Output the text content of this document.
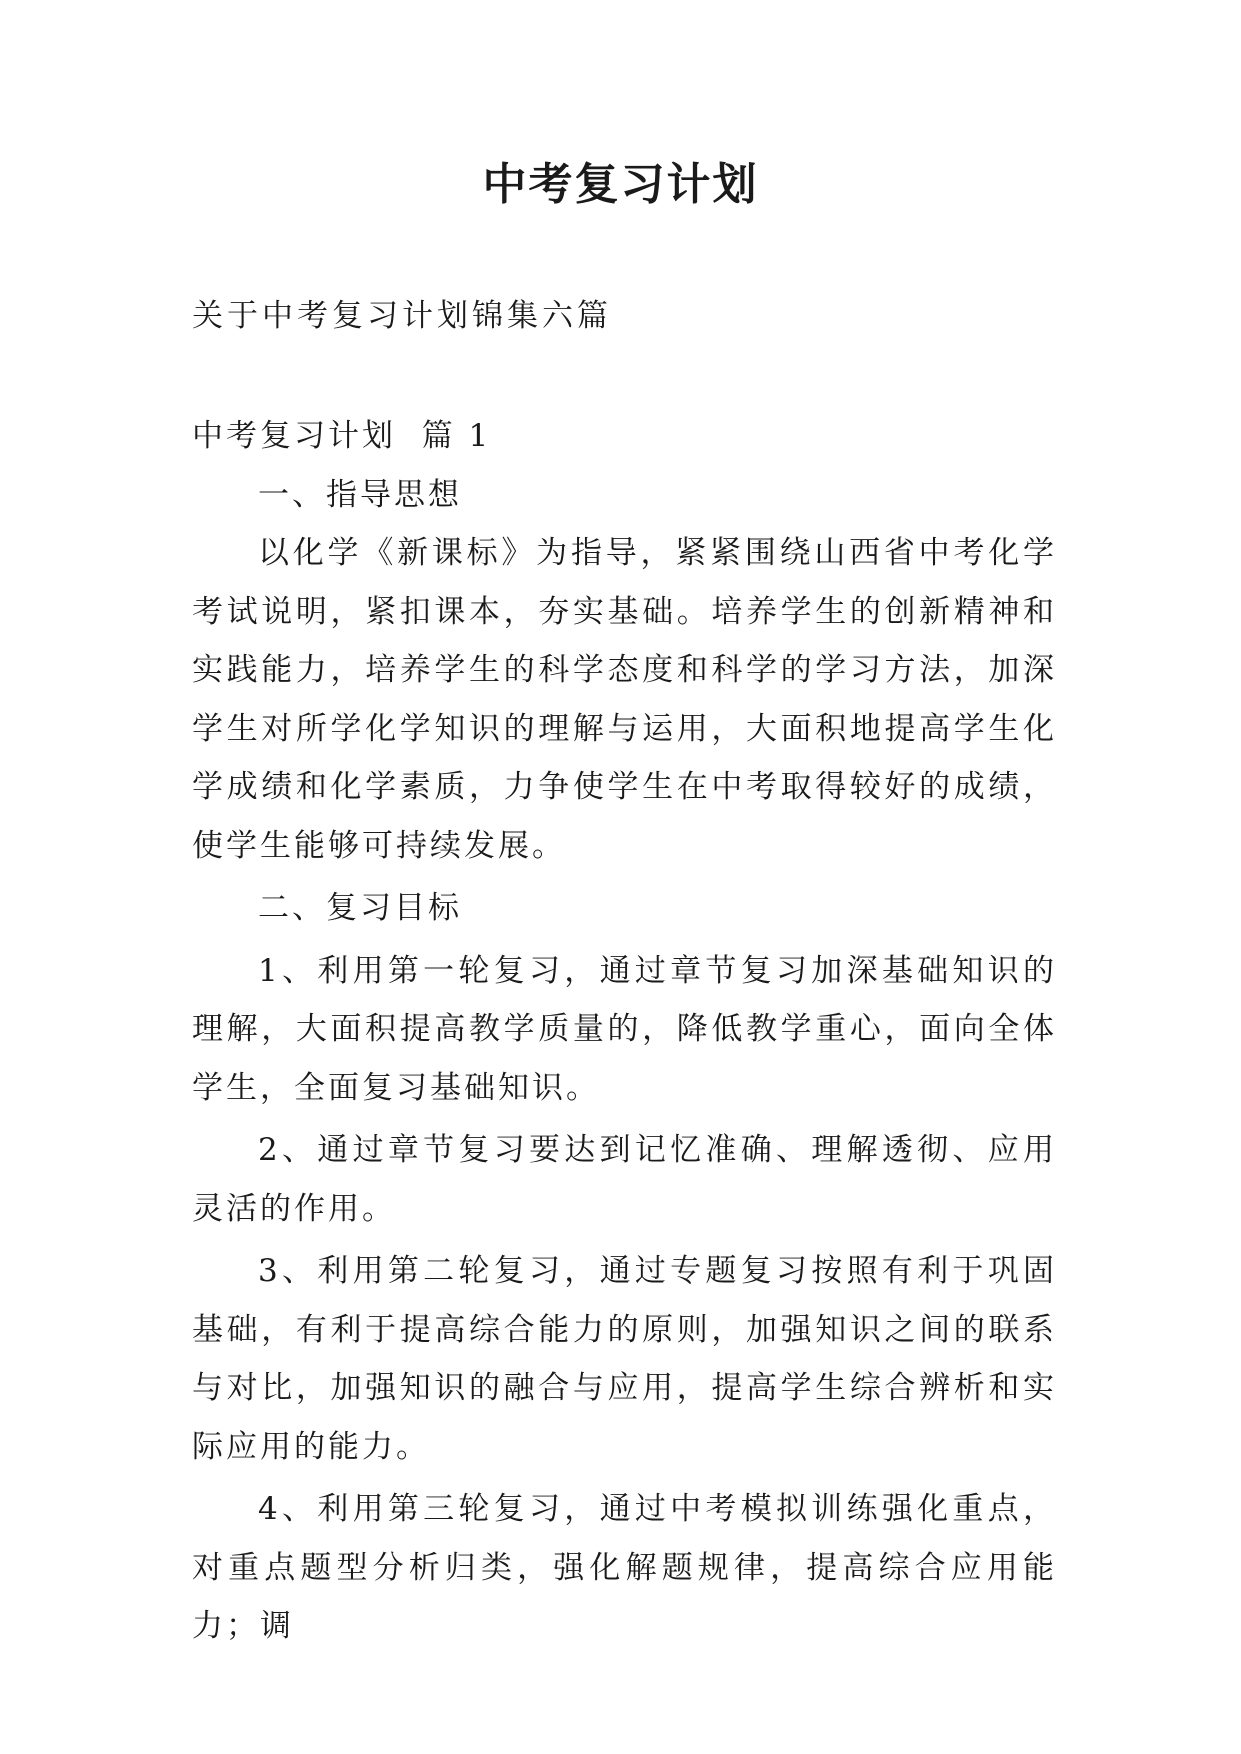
中考复习计划

关于中考复习计划锦集六篇

中考复习计划  篇 1

一、指导思想

以化学《新课标》为指导，紧紧围绕山西省中考化学考试说明，紧扣课本，夯实基础。培养学生的创新精神和实践能力，培养学生的科学态度和科学的学习方法，加深学生对所学化学知识的理解与运用，大面积地提高学生化学成绩和化学素质，力争使学生在中考取得较好的成绩，使学生能够可持续发展。

二、复习目标

1、利用第一轮复习，通过章节复习加深基础知识的理解，大面积提高教学质量的，降低教学重心，面向全体学生，全面复习基础知识。

2、通过章节复习要达到记忆准确、理解透彻、应用灵活的作用。

3、利用第二轮复习，通过专题复习按照有利于巩固基础，有利于提高综合能力的原则，加强知识之间的联系与对比，加强知识的融合与应用，提高学生综合辨析和实际应用的能力。

4、利用第三轮复习，通过中考模拟训练强化重点，对重点题型分析归类，强化解题规律，提高综合应用能力；调
